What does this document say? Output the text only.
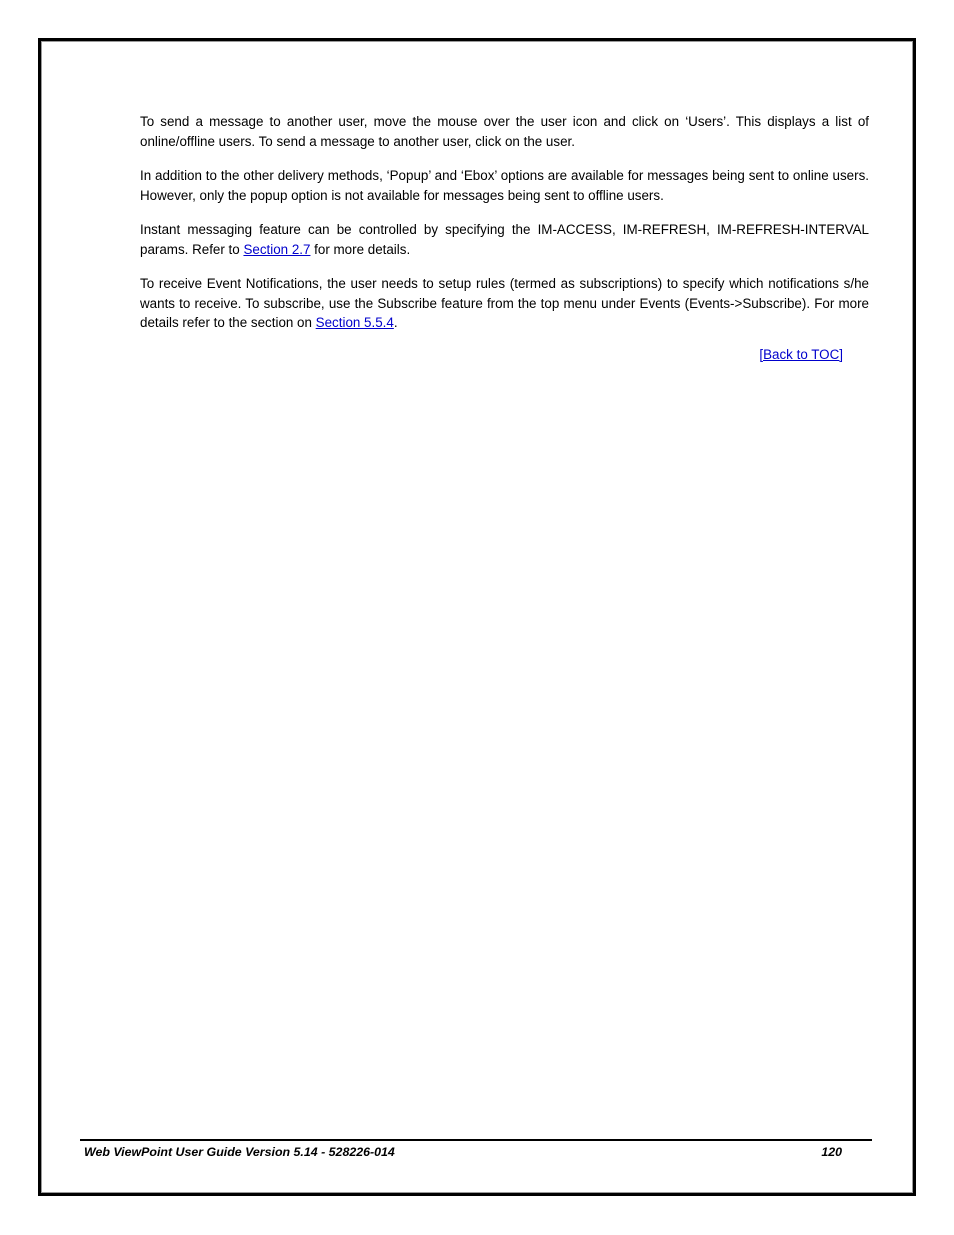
To send a message to another user, move the mouse over the user icon and click on ‘Users’. This displays a list of online/offline users. To send a message to another user, click on the user.

In addition to the other delivery methods, ‘Popup’ and ‘Ebox’ options are available for messages being sent to online users. However, only the popup option is not available for messages being sent to offline users.

Instant messaging feature can be controlled by specifying the IM-ACCESS, IM-REFRESH, IM-REFRESH-INTERVAL params. Refer to Section 2.7 for more details.

To receive Event Notifications, the user needs to setup rules (termed as subscriptions) to specify which notifications s/he wants to receive. To subscribe, use the Subscribe feature from the top menu under Events (Events->Subscribe). For more details refer to the section on Section 5.5.4.

[Back to TOC]
Web ViewPoint User Guide Version 5.14 - 528226-014	120
